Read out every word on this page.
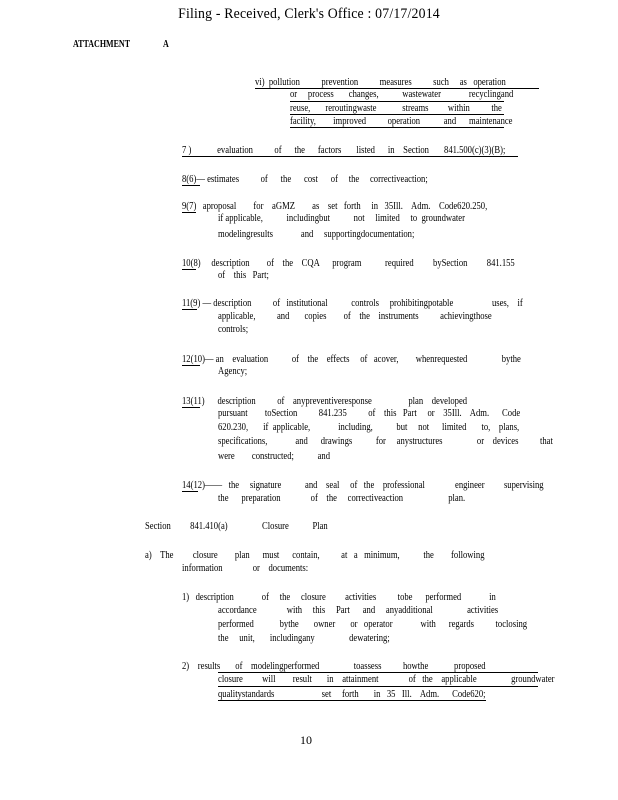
Filing - Received, Clerk's Office : 07/17/2014
ATTACHMENT	A
vi)  pollution          prevention          measures          such     as   operation
or     process       changes,           wastewater             recyclingand
reuse,       reroutingwaste            streams         within          the
facility,        improved          operation           and      maintenance
7 )            evaluation          of      the      factors       listed      in    Section       841.500(c)(3)(B);
8(6)— estimates          of      the      cost      of     the     correctiveaction;
9(7)   aproposal        for    aGMZ        as    set   forth     in   35Ill.    Adm.    Code620.250,
if applicable,           includingbut           not     limited     to  groundwater
modelingresults             and     supportingdocumentation;
10(8)     description        of    the    CQA      program           required         bySection         841.155
of    this   Part;
11(9) — description          of   institutional           controls     prohibitingpotable                  uses,    if
applicable,          and       copies        of    the    instruments          achievingthose
controls;
12(10)— an    evaluation           of    the    effects     of   acover,        whenrequested                bythe
Agency;
13(11)      description          of    anypreventiveresponse                 plan    developed
pursuant        toSection          841.235          of    this   Part     or    35Ill.    Adm.      Code
620.230,       if  applicable,             including,           but     not      limited       to,    plans,
specifications,             and      drawings           for     anystructures                or    devices          that
were        constructed;           and
14(12)——   the     signature           and    seal     of   the    professional              engineer         supervising
the      preparation              of    the     correctiveaction                     plan.
Section         841.410(a)                Closure           Plan
a)    The         closure        plan      must      contain,          at   a   minimum,           the        following
information              or    documents:
1)   description             of     the     closure         activities          tobe      performed             in
accordance              with     this     Part      and     anyadditional                activities
performed            bythe       owner       or   operator             with      regards          toclosing
the     unit,       includingany                dewatering;
2)    results       of    modelingperformed                toassess          howthe            proposed
closure         will        result       in    attainment              of   the    applicable                groundwater
qualitystandards                      set     forth       in   35   Ill.    Adm.      Code620;
10
